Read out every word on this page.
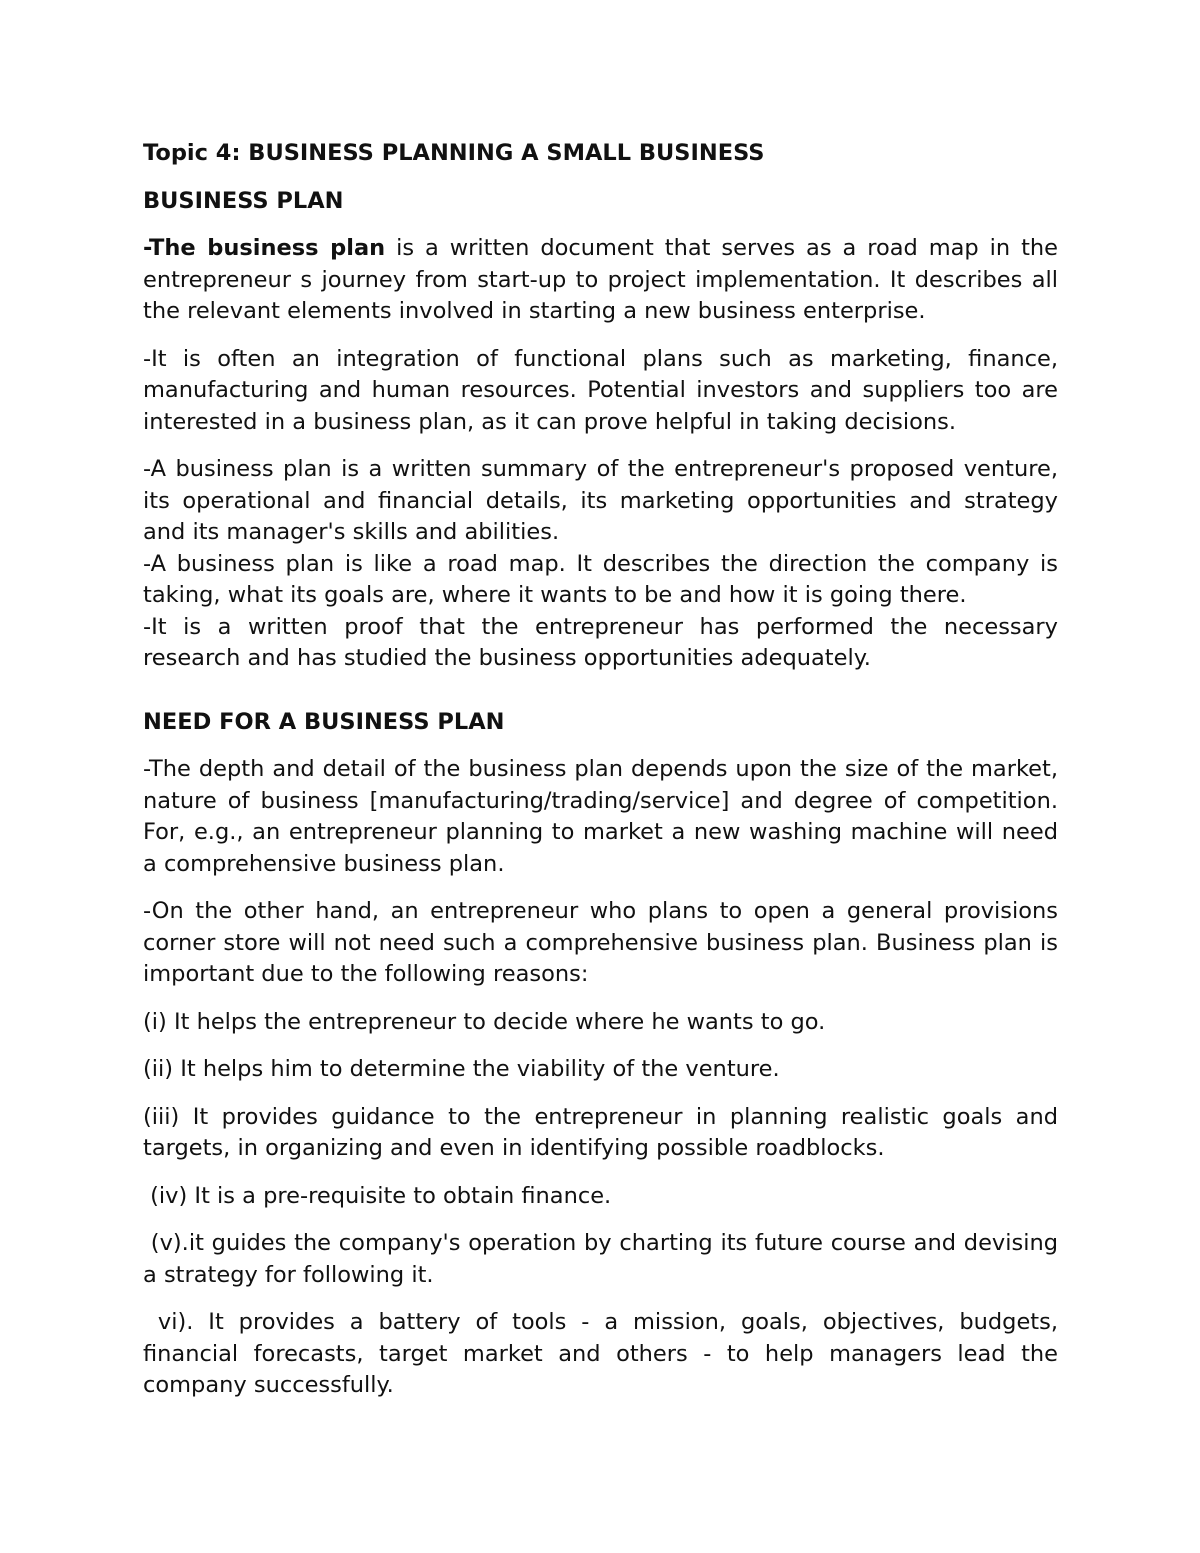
Topic 4: BUSINESS PLANNING A SMALL BUSINESS

BUSINESS PLAN

-The business plan is a written document that serves as a road map in the entrepreneur s journey from start-up to project implementation. It describes all the relevant elements involved in starting a new business enterprise.

-It is often an integration of functional plans such as marketing, finance, manufacturing and human resources. Potential investors and suppliers too are interested in a business plan, as it can prove helpful in taking decisions.

-A business plan is a written summary of the entrepreneur's proposed venture, its operational and financial details, its marketing opportunities and strategy and its manager's skills and abilities.

-A business plan is like a road map. It describes the direction the company is taking, what its goals are, where it wants to be and how it is going there.

-It is a written proof that the entrepreneur has performed the necessary research and has studied the business opportunities adequately.

NEED FOR A BUSINESS PLAN

-The depth and detail of the business plan depends upon the size of the market, nature of business [manufacturing/trading/service] and degree of competition. For, e.g., an entrepreneur planning to market a new washing machine will need a comprehensive business plan.

-On the other hand, an entrepreneur who plans to open a general provisions corner store will not need such a comprehensive business plan. Business plan is important due to the following reasons:

(i) It helps the entrepreneur to decide where he wants to go.

(ii) It helps him to determine the viability of the venture.

(iii) It provides guidance to the entrepreneur in planning realistic goals and targets, in organizing and even in identifying possible roadblocks.

(iv) It is a pre-requisite to obtain finance.

(v).it guides the company's operation by charting its future course and devising a strategy for following it.

vi). It provides a battery of tools - a mission, goals, objectives, budgets, financial forecasts, target market and others - to help managers lead the company successfully.
